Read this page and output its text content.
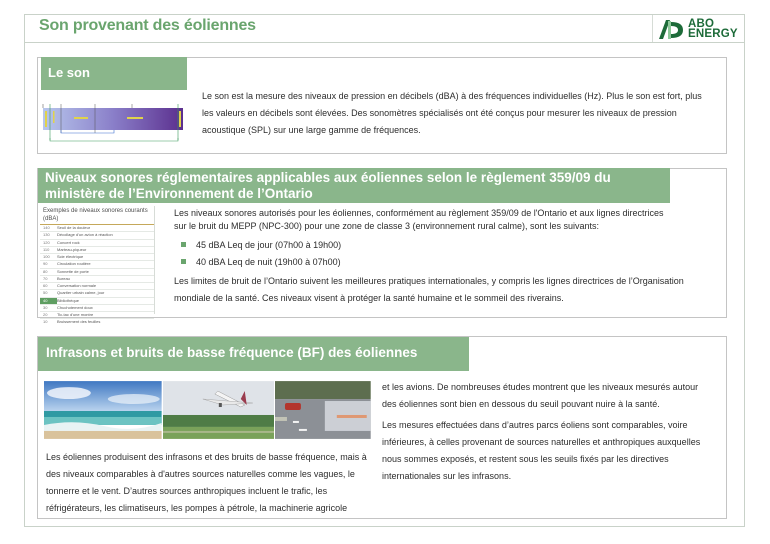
Son provenant des éoliennes	ABO
ENERGY
Le son
Le son est la mesure des niveaux de pression en décibels (dBA) à des fréquences individuelles (Hz). Plus le son est fort, plus les valeurs en décibels sont élevées. Des sonomètres spécialisés ont été conçus pour mesurer les niveaux de pression acoustique (SPL) sur une large gamme de fréquences.
Niveaux sonores réglementaires applicables aux éoliennes selon le règlement 359/09 du ministère de l’Environnement de l’Ontario
Exemples de niveaux sonores courants (dBA)
140	Seuil de la douleur
130	Décollage d'un avion à réaction
120	Concert rock
110	Marteau-piqueur
100	Scie électrique
90	Circulation routière
80	Sonnette de porte
70	Bureau
60	Conversation normale
50	Quartier urbain calme, jour
40	Bibliothèque
30	Chuchotement doux
20	Tic-tac d'une montre
10	Bruissement des feuilles
Les niveaux sonores autorisés pour les éoliennes, conformément au règlement 359/09 de l'Ontario et aux lignes directrices sur le bruit du MEPP (NPC-300) pour une zone de classe 3 (environnement rural calme), sont les suivants:
45 dBA Leq de jour (07h00 à 19h00)
40 dBA Leq de nuit (19h00 à 07h00)
Les limites de bruit de l’Ontario suivent les meilleures pratiques internationales, y compris les lignes directrices de l’Organisation mondiale de la santé. Ces niveaux visent à protéger la santé humaine et le sommeil des riverains.
Infrasons et bruits de basse fréquence (BF) des éoliennes
Les éoliennes produisent des infrasons et des bruits de basse fréquence, mais à des niveaux comparables à d'autres sources naturelles comme les vagues, le tonnerre et le vent. D’autres sources anthropiques incluent le trafic, les réfrigérateurs, les climatiseurs, les pompes à pétrole, la machinerie agricole
et les avions. De nombreuses études montrent que les niveaux mesurés autour des éoliennes sont bien en dessous du seuil pouvant nuire à la santé.
Les mesures effectuées dans d’autres parcs éoliens sont comparables, voire inférieures, à celles provenant de sources naturelles et anthropiques auxquelles nous sommes exposés, et restent sous les seuils fixés par les directives internationales sur les infrasons.
